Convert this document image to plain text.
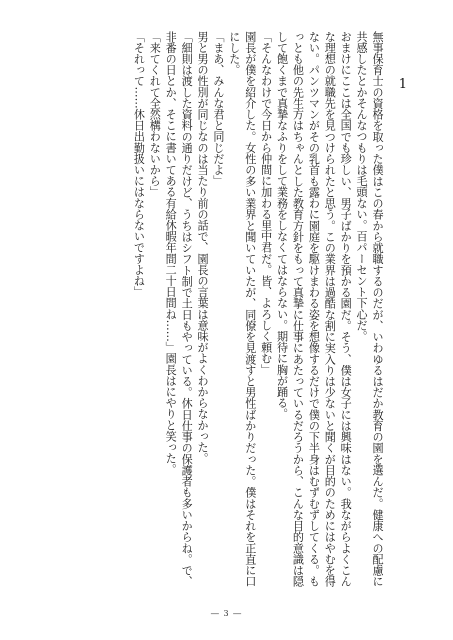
1

無事保育士の資格を取った僕はこの春から就職するのだが、いわゆるはだか教育の園を選んだ。健康への配慮に共感したとかそんなつもりは毛頭ない。百パーセント下心だ。

おまけにここは全国でも珍しい、男子ばかりを預かる園だ。そう、僕は女子には興味はない。我ながらよくこんな理想の就職先を見つけられたと思う。この業界は過酷な割に実入りは少ないと聞くが目的のためにはやむを得ない。パンツマンがその乳首も露わに園庭を駆けまわる姿を想像するだけで僕の下半身はむずむずしてくる。もっとも他の先生方はちゃんとした教育方針をもって真摯に仕事にあたっているだろうから、こんな目的意識は隠して飽くまで真摯なふりをして業務をしなくてはならない。期待に胸が踊る。

「そんなわけで今日から仲間に加わる里中君だ。皆、よろしく頼む」

園長が僕を紹介した。女性の多い業界と聞いていたが、同僚を見渡すと男性ばかりだった。僕はそれを正直に口にした。

「まあ、みんな君と同じだよ」

男と男の性別が同じなのは当たり前の話で、園長の言葉は意味がよくわからなかった。

「細則は渡した資料の通りだけど、うちはシフト制で土日もやっている。休日仕事の保護者も多いからね。で、非番の日とか、そこに書いてある有給休暇年間二十日間ね……」園長はにやりと笑った。

「来てくれて全然構わないから」

「それって……休日出勤扱いにはならないですよね」

― 3 ―
